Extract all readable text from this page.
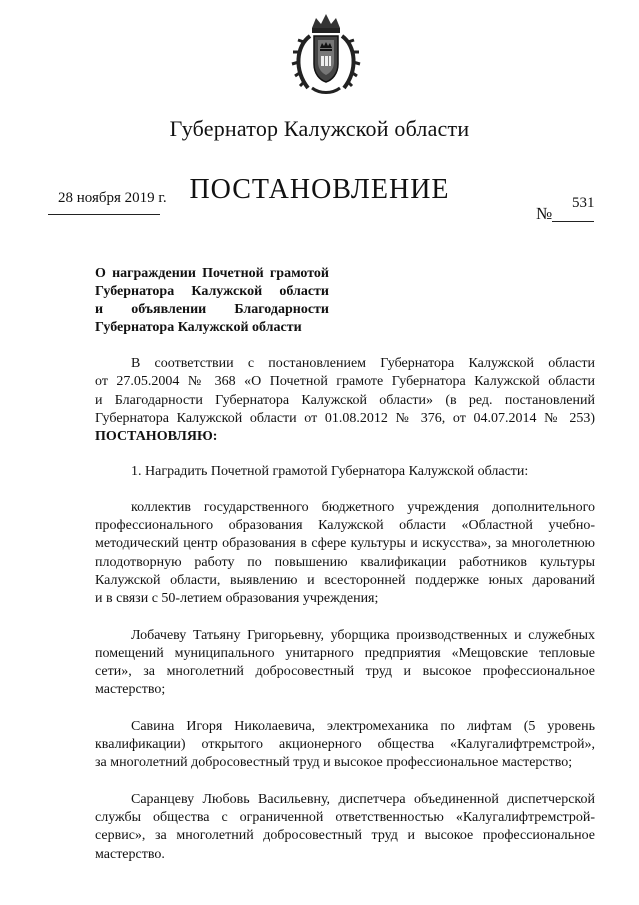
Губернатор Калужской области
ПОСТАНОВЛЕНИЕ
28 ноября 2019 г.
№
531
О награждении Почетной грамотой
Губернатора Калужской области
и объявлении Благодарности
Губернатора Калужской области
В соответствии с постановлением Губернатора Калужской области
от 27.05.2004 № 368 «О Почетной грамоте Губернатора Калужской области
и Благодарности Губернатора Калужской области» (в ред. постановлений
Губернатора Калужской области от 01.08.2012 № 376, от 04.07.2014 № 253)
ПОСТАНОВЛЯЮ:
1. Наградить Почетной грамотой Губернатора Калужской области:
коллектив государственного бюджетного учреждения дополнительного
профессионального образования Калужской области «Областной учебно-
методический центр образования в сфере культуры и искусства», за многолетнюю
плодотворную работу по повышению квалификации работников культуры
Калужской области, выявлению и всесторонней поддержке юных дарований
и в связи с 50-летием образования учреждения;
Лобачеву Татьяну Григорьевну, уборщика производственных и служебных
помещений муниципального унитарного предприятия «Мещовские тепловые
сети», за многолетний добросовестный труд и высокое профессиональное
мастерство;
Савина Игоря Николаевича, электромеханика по лифтам (5 уровень
квалификации) открытого акционерного общества «Калугалифтремстрой»,
за многолетний добросовестный труд и высокое профессиональное мастерство;
Саранцеву Любовь Васильевну, диспетчера объединенной диспетчерской
службы общества с ограниченной ответственностью «Калугалифтремстрой-
сервис», за многолетний добросовестный труд и высокое профессиональное
мастерство.
